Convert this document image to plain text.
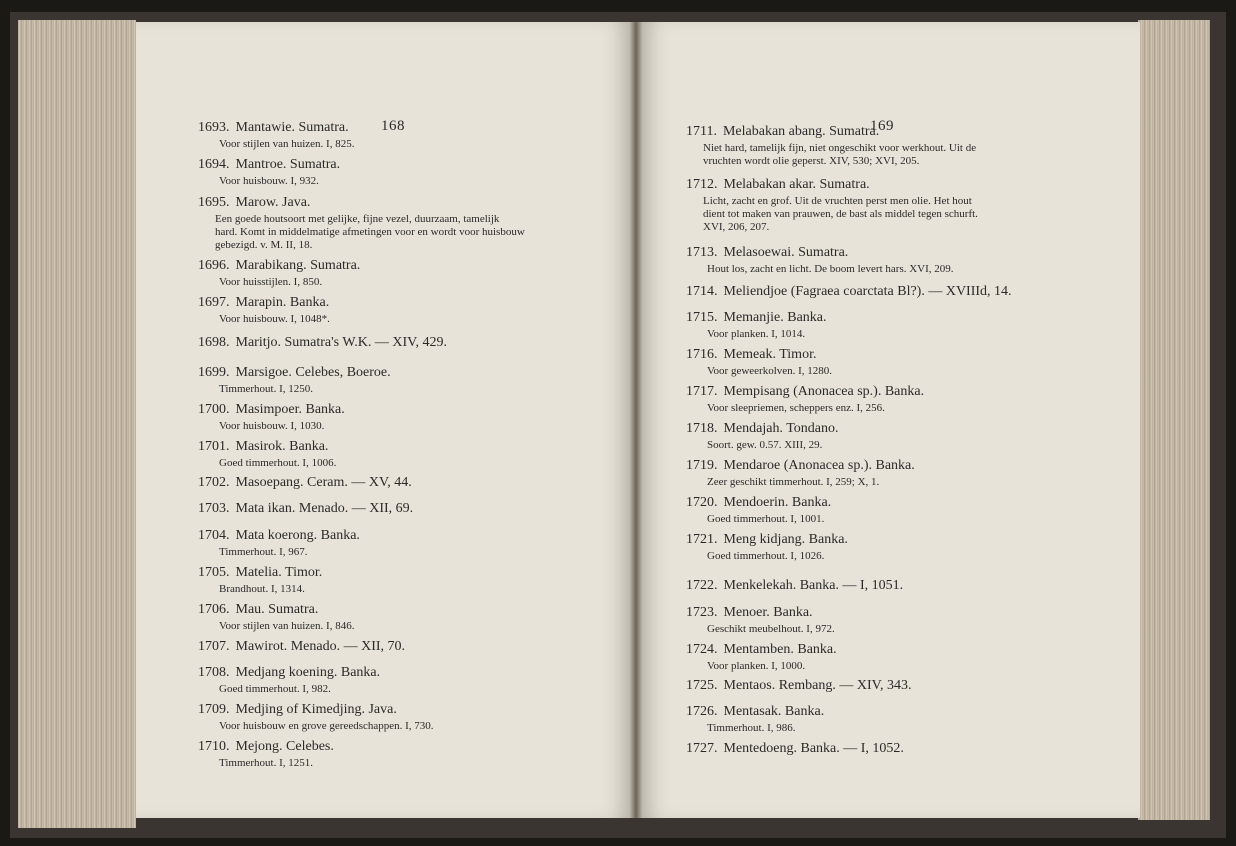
168
1693. Mantawie. Sumatra.
Voor stijlen van huizen. I, 825.
1694. Mantroe. Sumatra.
Voor huisbouw. I, 932.
1695. Marow. Java.
Een goede houtsoort met gelijke, fijne vezel, duurzaam, tamelijk
hard. Komt in middelmatige afmetingen voor en wordt voor huisbouw
gebezigd. v. M. II, 18.
1696. Marabikang. Sumatra.
Voor huisstijlen. I, 850.
1697. Marapin. Banka.
Voor huisbouw. I, 1048*.
1698. Maritjo. Sumatra's W.K. — XIV, 429.
1699. Marsigoe. Celebes, Boeroe.
Timmerhout. I, 1250.
1700. Masimpoer. Banka.
Voor huisbouw. I, 1030.
1701. Masirok. Banka.
Goed timmerhout. I, 1006.
1702. Masoepang. Ceram. — XV, 44.
1703. Mata ikan. Menado. — XII, 69.
1704. Mata koerong. Banka.
Timmerhout. I, 967.
1705. Matelia. Timor.
Brandhout. I, 1314.
1706. Mau. Sumatra.
Voor stijlen van huizen. I, 846.
1707. Mawirot. Menado. — XII, 70.
1708. Medjang koening. Banka.
Goed timmerhout. I, 982.
1709. Medjing of Kimedjing. Java.
Voor huisbouw en grove gereedschappen. I, 730.
1710. Mejong. Celebes.
Timmerhout. I, 1251.
169
1711. Melabakan abang. Sumatra.
Niet hard, tamelijk fijn, niet ongeschikt voor werkhout. Uit de
vruchten wordt olie geperst. XIV, 530; XVI, 205.
1712. Melabakan akar. Sumatra.
Licht, zacht en grof. Uit de vruchten perst men olie. Het hout
dient tot maken van prauwen, de bast als middel tegen schurft.
XVI, 206, 207.
1713. Melasoewai. Sumatra.
Hout los, zacht en licht. De boom levert hars. XVI, 209.
1714. Meliendjoe (Fagraea coarctata Bl?). — XVIIId, 14.
1715. Memanjie. Banka.
Voor planken. I, 1014.
1716. Memeak. Timor.
Voor geweerkolven. I, 1280.
1717. Mempisang (Anonacea sp.). Banka.
Voor sleepriemen, scheppers enz. I, 256.
1718. Mendajah. Tondano.
Soort. gew. 0.57. XIII, 29.
1719. Mendaroe (Anonacea sp.). Banka.
Zeer geschikt timmerhout. I, 259; X, 1.
1720. Mendoerin. Banka.
Goed timmerhout. I, 1001.
1721. Meng kidjang. Banka.
Goed timmerhout. I, 1026.
1722. Menkelekah. Banka. — I, 1051.
1723. Menoer. Banka.
Geschikt meubelhout. I, 972.
1724. Mentamben. Banka.
Voor planken. I, 1000.
1725. Mentaos. Rembang. — XIV, 343.
1726. Mentasak. Banka.
Timmerhout. I, 986.
1727. Mentedoeng. Banka. — I, 1052.
